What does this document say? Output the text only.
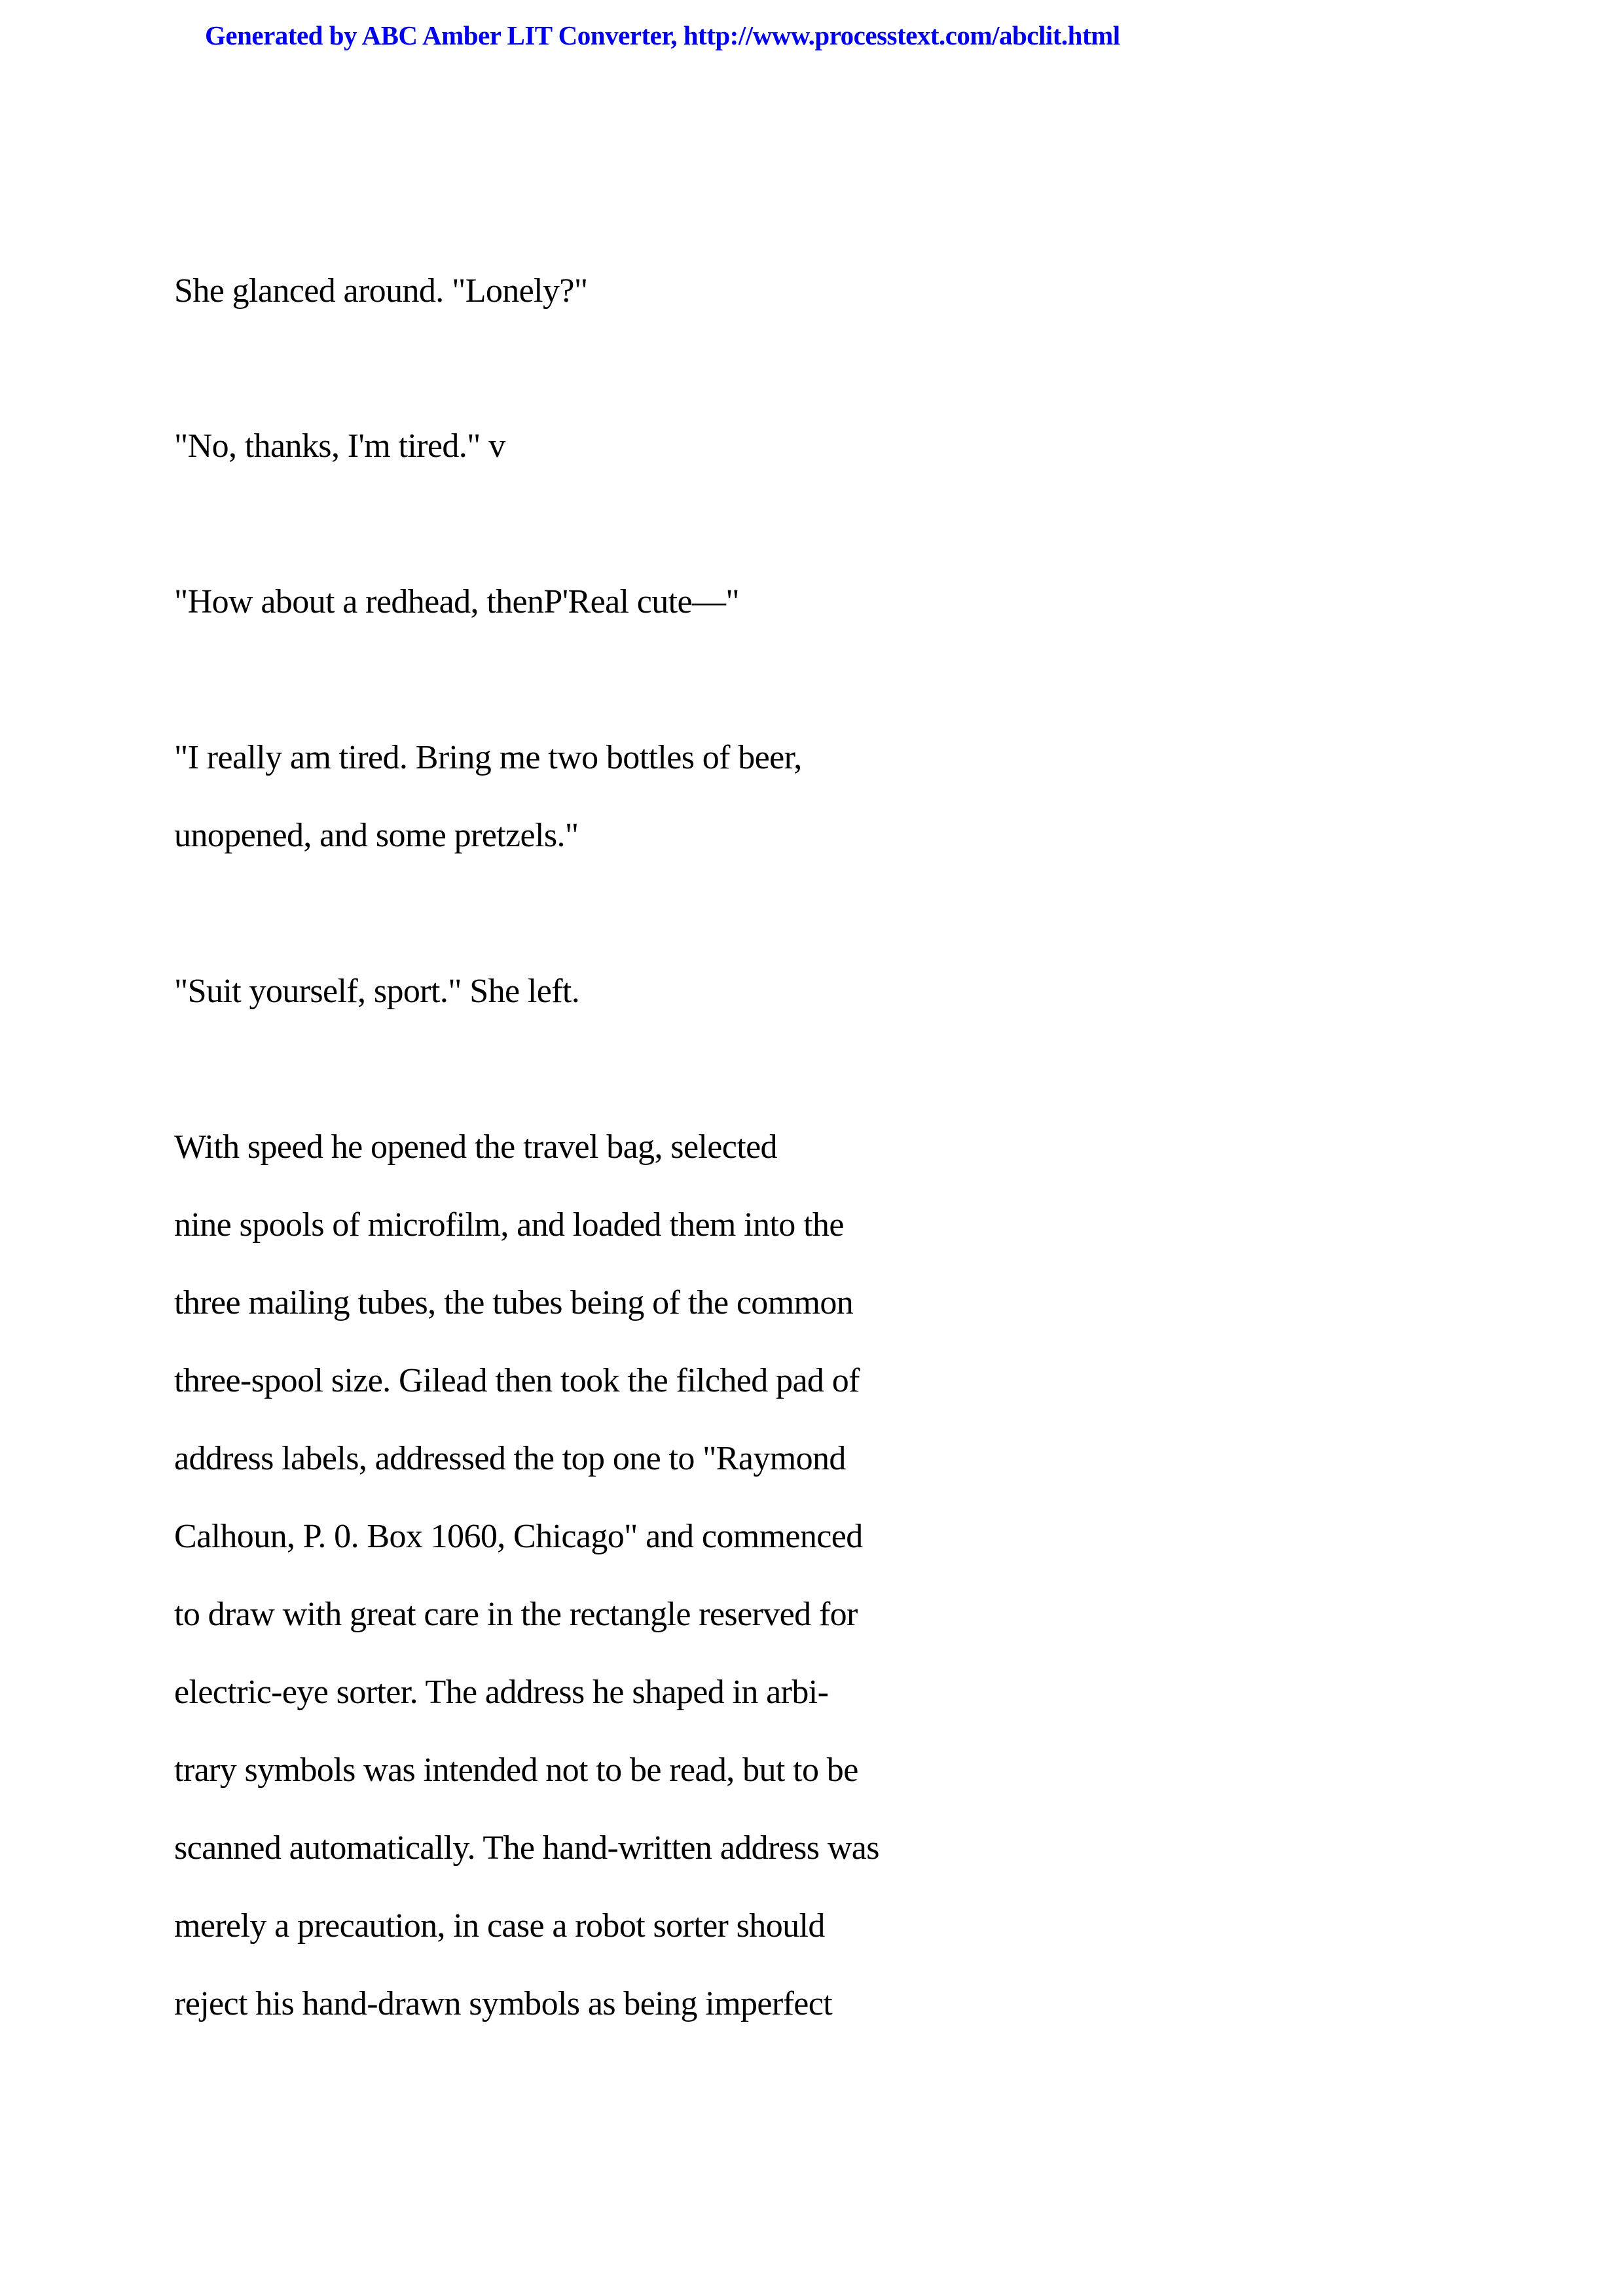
Generated by ABC Amber LIT Converter, http://www.processtext.com/abclit.html
She glanced around. "Lonely?"
"No, thanks, I'm tired." v
"How about a redhead, thenP'Real cute—"
"I really am tired. Bring me two bottles of beer,
unopened, and some pretzels."
"Suit yourself, sport." She left.
With speed he opened the travel bag, selected
nine spools of microfilm, and loaded them into the
three mailing tubes, the tubes being of the common
three-spool size. Gilead then took the filched pad of
address labels, addressed the top one to "Raymond
Calhoun, P. 0. Box 1060, Chicago" and commenced
to draw with great care in the rectangle reserved for
electric-eye sorter. The address he shaped in arbi-
trary symbols was intended not to be read, but to be
scanned automatically. The hand-written address was
merely a precaution, in case a robot sorter should
reject his hand-drawn symbols as being imperfect
